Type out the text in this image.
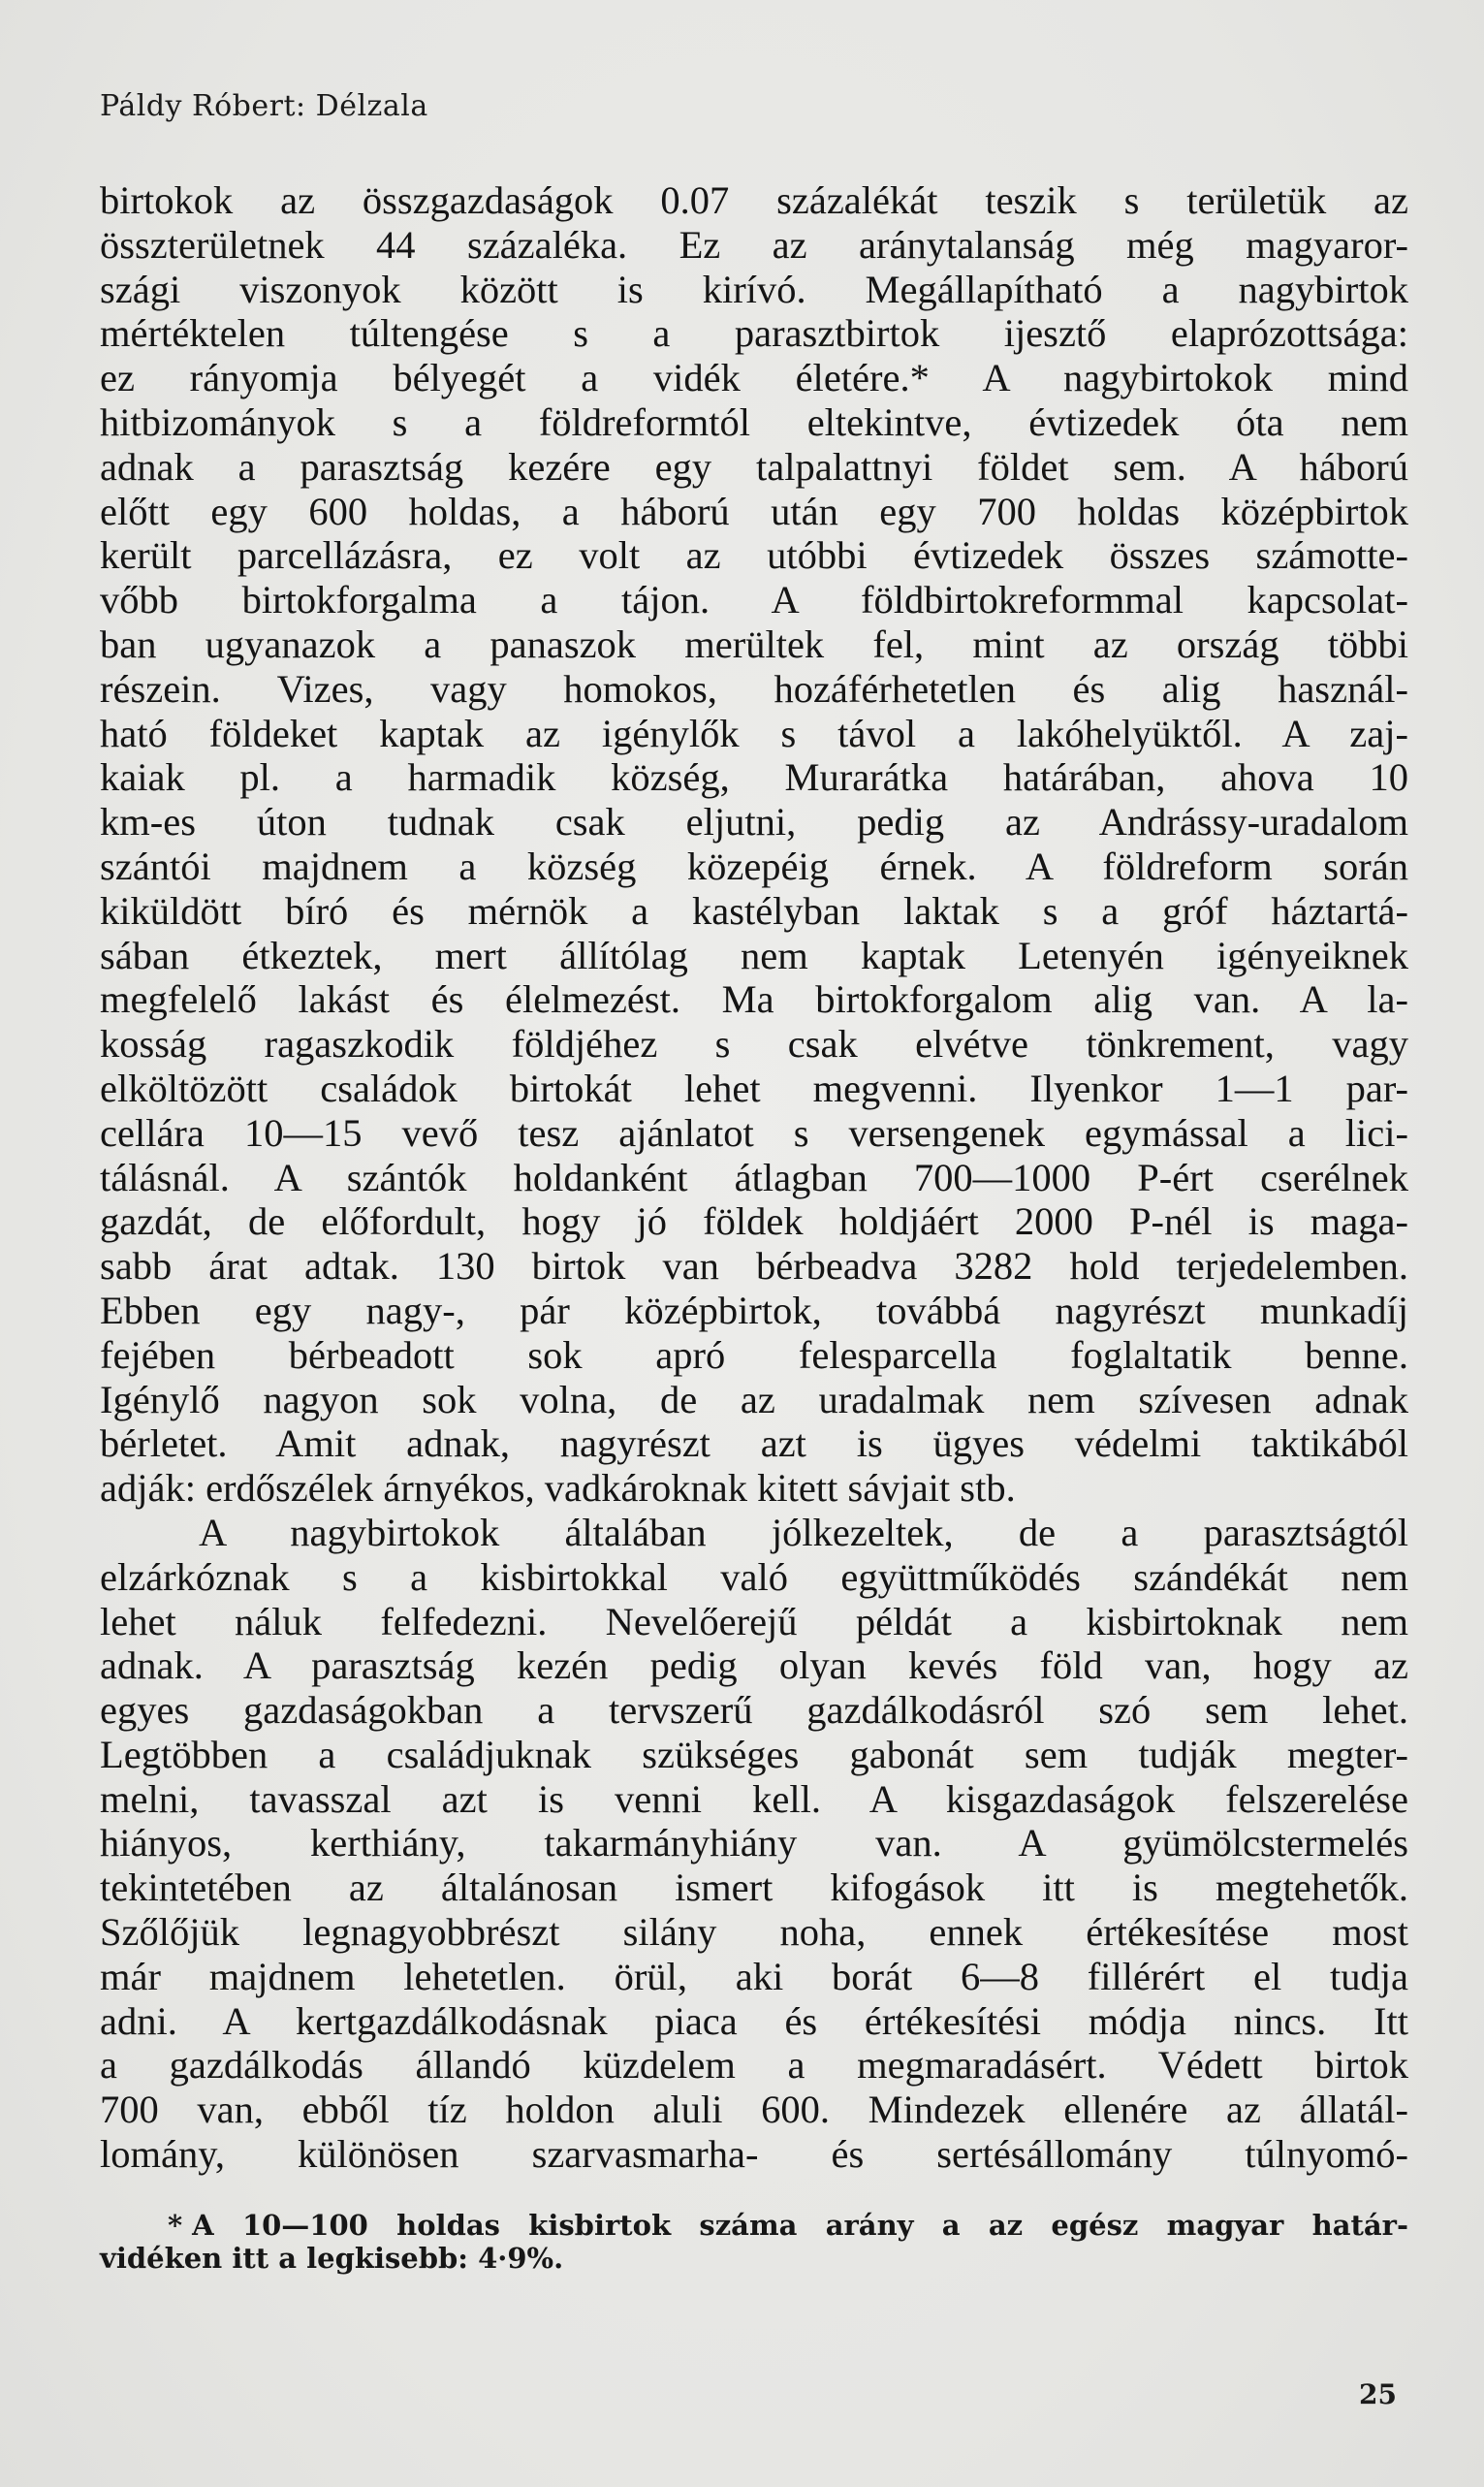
Páldy Róbert: Délzala
birtokok az összgazdaságok 0.07 százalékát teszik s területük az
összterületnek 44 százaléka. Ez az aránytalanság még magyaror-
szági viszonyok között is kirívó. Megállapítható a nagybirtok
mértéktelen túltengése s a parasztbirtok ijesztő elaprózottsága:
ez rányomja bélyegét a vidék életére.* A nagybirtokok mind
hitbizományok s a földreformtól eltekintve, évtizedek óta nem
adnak a parasztság kezére egy talpalattnyi földet sem. A háború
előtt egy 600 holdas, a háború után egy 700 holdas középbirtok
került parcellázásra, ez volt az utóbbi évtizedek összes számotte-
vőbb birtokforgalma a tájon. A földbirtokreformmal kapcsolat-
ban ugyanazok a panaszok merültek fel, mint az ország többi
részein. Vizes, vagy homokos, hozáférhetetlen és alig használ-
ható földeket kaptak az igénylők s távol a lakóhelyüktől. A zaj-
kaiak pl. a harmadik község, Murarátka határában, ahova 10
km-es úton tudnak csak eljutni, pedig az Andrássy-uradalom
szántói majdnem a község közepéig érnek. A földreform során
kiküldött bíró és mérnök a kastélyban laktak s a gróf háztartá-
sában étkeztek, mert állítólag nem kaptak Letenyén igényeiknek
megfelelő lakást és élelmezést. Ma birtokforgalom alig van. A la-
kosság ragaszkodik földjéhez s csak elvétve tönkrement, vagy
elköltözött családok birtokát lehet megvenni. Ilyenkor 1—1 par-
cellára 10—15 vevő tesz ajánlatot s versengenek egymással a lici-
tálásnál. A szántók holdanként átlagban 700—1000 P-ért cserélnek
gazdát, de előfordult, hogy jó földek holdjáért 2000 P-nél is maga-
sabb árat adtak. 130 birtok van bérbeadva 3282 hold terjedelemben.
Ebben egy nagy-, pár középbirtok, továbbá nagyrészt munkadíj
fejében bérbeadott sok apró felesparcella foglaltatik benne.
Igénylő nagyon sok volna, de az uradalmak nem szívesen adnak
bérletet. Amit adnak, nagyrészt azt is ügyes védelmi taktikából
adják: erdőszélek árnyékos, vadkároknak kitett sávjait stb.
A nagybirtokok általában jólkezeltek, de a parasztságtól
elzárkóznak s a kisbirtokkal való együttműködés szándékát nem
lehet náluk felfedezni. Nevelőerejű példát a kisbirtoknak nem
adnak. A parasztság kezén pedig olyan kevés föld van, hogy az
egyes gazdaságokban a tervszerű gazdálkodásról szó sem lehet.
Legtöbben a családjuknak szükséges gabonát sem tudják megter-
melni, tavasszal azt is venni kell. A kisgazdaságok felszerelése
hiányos, kerthiány, takarmányhiány van. A gyümölcstermelés
tekintetében az általánosan ismert kifogások itt is megtehetők.
Szőlőjük legnagyobbrészt silány noha, ennek értékesítése most
már majdnem lehetetlen. örül, aki borát 6—8 fillérért el tudja
adni. A kertgazdálkodásnak piaca és értékesítési módja nincs. Itt
a gazdálkodás állandó küzdelem a megmaradásért. Védett birtok
700 van, ebből tíz holdon aluli 600. Mindezek ellenére az állatál-
lomány, különösen szarvasmarha- és sertésállomány túlnyomó-
* A 10—100 holdas kisbirtok száma arány a az egész magyar határ-
vidéken itt a legkisebb: 4·9%.
25
